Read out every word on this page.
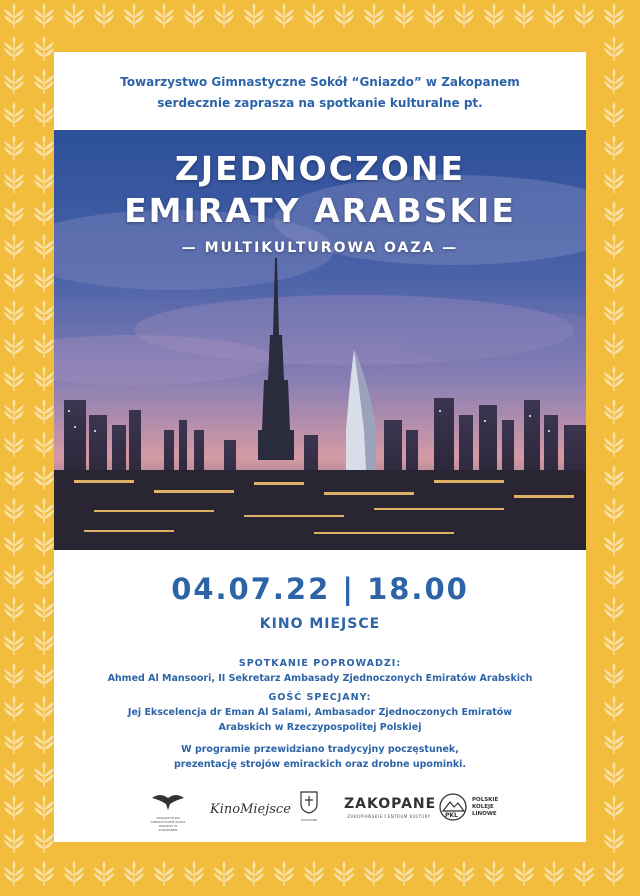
Towarzystwo Gimnastyczne Sokół “Gniazdo” w Zakopanem
serdecznie zaprasza na spotkanie kulturalne pt.
ZJEDNOCZONE
EMIRATY ARABSKIE
— MULTIKULTUROWA OAZA —
04.07.22 | 18.00
KINO MIEJSCE
SPOTKANIE POPROWADZI:
Ahmed Al Mansoori, II Sekretarz Ambasady Zjednoczonych Emiratów Arabskich
GOŚĆ SPECJANY:
Jej Ekscelencja dr Eman Al Salami, Ambasador Zjednoczonych Emiratów
Arabskich w Rzeczypospolitej Polskiej
W programie przewidziano tradycyjny poczęstunek,
prezentację strojów emirackich oraz drobne upominki.
TOWARZYSTWO GIMNASTYCZNE SOKÓŁ GNIAZDO W ZAKOPANEM
KinoMiejsce
ZAKOPANE
ZAKOPANE
ZAKOPIAŃSKIE CENTRUM KULTURY	PKL
POLSKIE
KOLEJE
LINOWE
